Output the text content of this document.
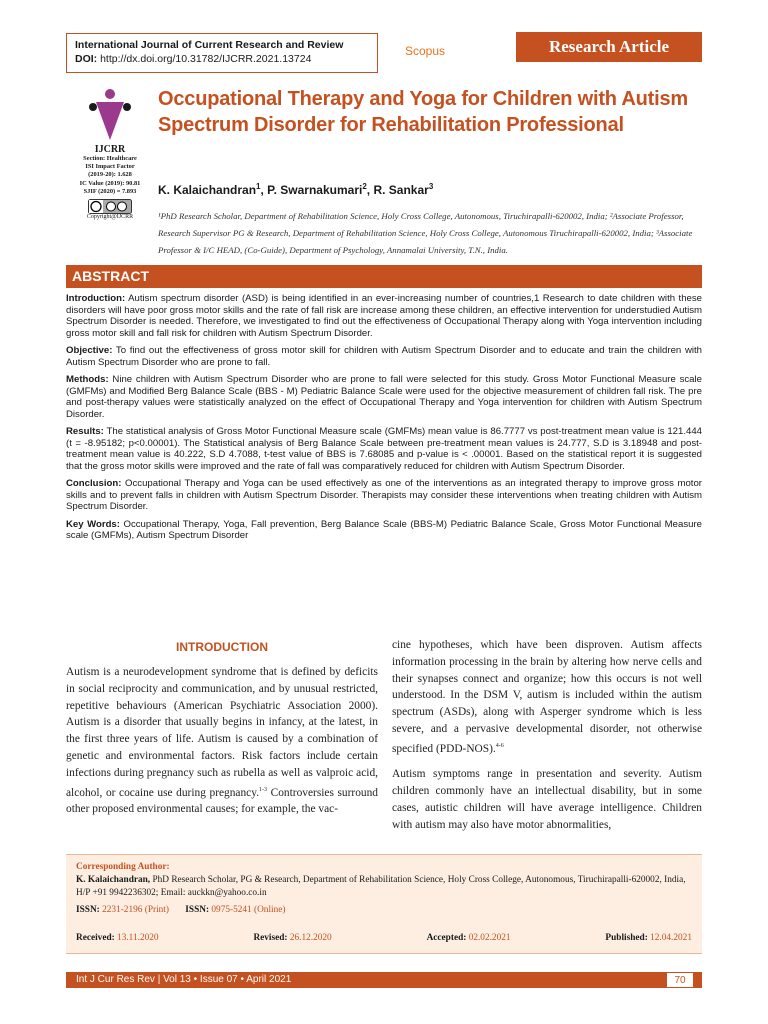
International Journal of Current Research and Review
DOI: http://dx.doi.org/10.31782/IJCRR.2021.13724
Scopus	Research Article
IJCRR
Section: Healthcare
ISI Impact Factor
(2019-20): 1.628
IC Value (2019): 90.81
SJIF (2020) = 7.893
Copyright@IJCRR
Occupational Therapy and Yoga for Children with Autism Spectrum Disorder for Rehabilitation Professional
K. Kalaichandran$^1$, P. Swarnakumari$^2$, R. Sankar$^3$
¹PhD Research Scholar, Department of Rehabilitation Science, Holy Cross College, Autonomous, Tiruchirapalli-620002, India; ²Associate Professor, Research Supervisor PG & Research, Department of Rehabilitation Science, Holy Cross College, Autonomous Tiruchirapalli-620002, India; ³Associate Professor & I/C HEAD, (Co-Guide), Department of Psychology, Annamalai University, T.N., India.
ABSTRACT

Introduction: Autism spectrum disorder (ASD) is being identified in an ever-increasing number of countries,1 Research to date children with these disorders will have poor gross motor skills and the rate of fall risk are increase among these children, an effective intervention for understudied Autism Spectrum Disorder is needed. Therefore, we investigated to find out the effectiveness of Occupational Therapy along with Yoga intervention including gross motor skill and fall risk for children with Autism Spectrum Disorder.

Objective: To find out the effectiveness of gross motor skill for children with Autism Spectrum Disorder and to educate and train the children with Autism Spectrum Disorder who are prone to fall.

Methods: Nine children with Autism Spectrum Disorder who are prone to fall were selected for this study. Gross Motor Functional Measure scale (GMFMs) and Modified Berg Balance Scale (BBS - M) Pediatric Balance Scale were used for the objective measurement of children fall risk. The pre and post-therapy values were statistically analyzed on the effect of Occupational Therapy and Yoga intervention for children with Autism Spectrum Disorder.

Results: The statistical analysis of Gross Motor Functional Measure scale (GMFMs) mean value is 86.7777 vs post-treatment mean value is 121.444 (t = -8.95182; p<0.00001). The Statistical analysis of Berg Balance Scale between pre-treatment mean values is 24.777, S.D is 3.18948 and post-treatment mean value is 40.222, S.D 4.7088, t-test value of BBS is 7.68085 and p-value is < .00001. Based on the statistical report it is suggested that the gross motor skills were improved and the rate of fall was comparatively reduced for children with Autism Spectrum Disorder.

Conclusion: Occupational Therapy and Yoga can be used effectively as one of the interventions as an integrated therapy to improve gross motor skills and to prevent falls in children with Autism Spectrum Disorder. Therapists may consider these interventions when treating children with Autism Spectrum Disorder.

Key Words: Occupational Therapy, Yoga, Fall prevention, Berg Balance Scale (BBS-M) Pediatric Balance Scale, Gross Motor Functional Measure scale (GMFMs), Autism Spectrum Disorder

INTRODUCTION

Autism is a neurodevelopment syndrome that is defined by deficits in social reciprocity and communication, and by unusual restricted, repetitive behaviours (American Psychiatric Association 2000). Autism is a disorder that usually begins in infancy, at the latest, in the first three years of life. Autism is caused by a combination of genetic and environmental factors. Risk factors include certain infections during pregnancy such as rubella as well as valproic acid, alcohol, or cocaine use during pregnancy.$^{1-3}$ Controversies surround other proposed environmental causes; for example, the vac-

cine hypotheses, which have been disproven. Autism affects information processing in the brain by altering how nerve cells and their synapses connect and organize; how this occurs is not well understood. In the DSM V, autism is included within the autism spectrum (ASDs), along with Asperger syndrome which is less severe, and a pervasive developmental disorder, not otherwise specified (PDD-NOS).$^{4-6}$

Autism symptoms range in presentation and severity. Autism children commonly have an intellectual disability, but in some cases, autistic children will have average intelligence. Children with autism may also have motor abnormalities,

Corresponding Author:
K. Kalaichandran, PhD Research Scholar, PG & Research, Department of Rehabilitation Science, Holy Cross College, Autonomous, Tiruchirapalli-620002, India, H/P +91 9942236302; Email: auckkn@yahoo.co.in
ISSN: 2231-2196 (Print) ISSN: 0975-5241 (Online)
Received: 13.11.2020	Revised: 26.12.2020	Accepted: 02.02.2021	Published: 12.04.2021
Int J Cur Res Rev | Vol 13 • Issue 07 • April 2021	70
